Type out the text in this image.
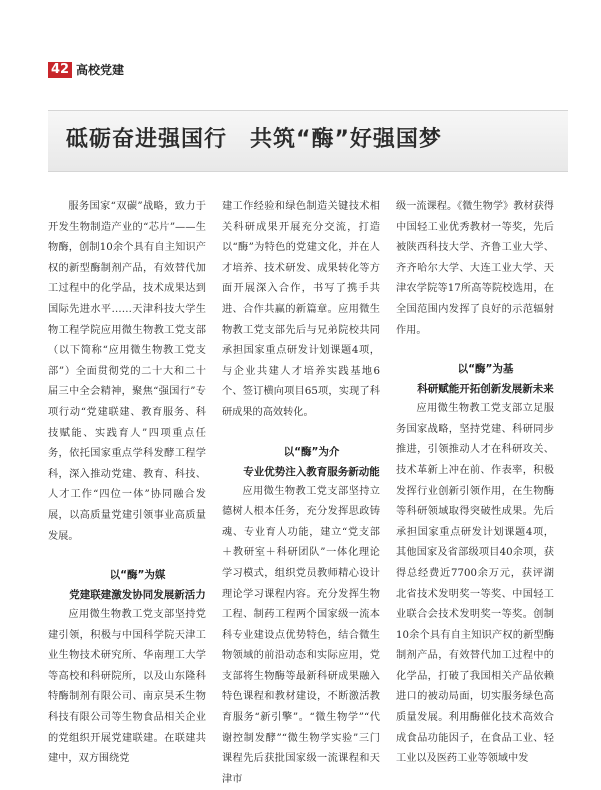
42 高校党建
砥砺奋进强国行　共筑“酶”好强国梦

服务国家“双碳”战略，致力于开发生物制造产业的“芯片”——生物酶，创制10余个具有自主知识产权的新型酶制剂产品，有效替代加工过程中的化学品，技术成果达到国际先进水平……天津科技大学生物工程学院应用微生物教工党支部（以下简称“应用微生物教工党支部”）全面贯彻党的二十大和二十届三中全会精神，聚焦“强国行”专项行动“党建联建、教育服务、科技赋能、实践育人”四项重点任务，依托国家重点学科发酵工程学科，深入推动党建、教育、科技、人才工作“四位一体”协同融合发展，以高质量党建引领事业高质量发展。

以“酶”为媒

党建联建激发协同发展新活力

应用微生物教工党支部坚持党建引领，积极与中国科学院天津工业生物技术研究所、华南理工大学等高校和科研院所，以及山东隆科特酶制剂有限公司、南京昊禾生物科技有限公司等生物食品相关企业的党组织开展党建联建。在联建共建中，双方围绕党

建工作经验和绿色制造关键技术相关科研成果开展充分交流，打造以“酶”为特色的党建文化，并在人才培养、技术研发、成果转化等方面开展深入合作，书写了携手共进、合作共赢的新篇章。应用微生物教工党支部先后与兄弟院校共同承担国家重点研发计划课题4项，与企业共建人才培养实践基地6个、签订横向项目65项，实现了科研成果的高效转化。

以“酶”为介

专业优势注入教育服务新动能

应用微生物教工党支部坚持立德树人根本任务，充分发挥思政铸魂、专业育人功能，建立“党支部＋教研室＋科研团队”一体化理论学习模式，组织党员教师精心设计理论学习课程内容。充分发挥生物工程、制药工程两个国家级一流本科专业建设点优势特色，结合微生物领域的前沿动态和实际应用，党支部将生物酶等最新科研成果融入特色课程和教材建设，不断激活教育服务“新引擎”。“微生物学”“代谢控制发酵”“微生物学实验”三门课程先后获批国家级一流课程和天津市

级一流课程。《微生物学》教材获得中国轻工业优秀教材一等奖，先后被陕西科技大学、齐鲁工业大学、齐齐哈尔大学、大连工业大学、天津农学院等17所高等院校选用，在全国范围内发挥了良好的示范辐射作用。

以“酶”为基

科研赋能开拓创新发展新未来

应用微生物教工党支部立足服务国家战略，坚持党建、科研同步推进，引领推动人才在科研攻关、技术革新上冲在前、作表率，积极发挥行业创新引领作用，在生物酶等科研领域取得突破性成果。先后承担国家重点研发计划课题4项，其他国家及省部级项目40余项，获得总经费近7700余万元，获评湖北省技术发明奖一等奖、中国轻工业联合会技术发明奖一等奖。创制10余个具有自主知识产权的新型酶制剂产品，有效替代加工过程中的化学品，打破了我国相关产品依赖进口的被动局面，切实服务绿色高质量发展。利用酶催化技术高效合成食品功能因子，在食品工业、轻工业以及医药工业等领域中发
